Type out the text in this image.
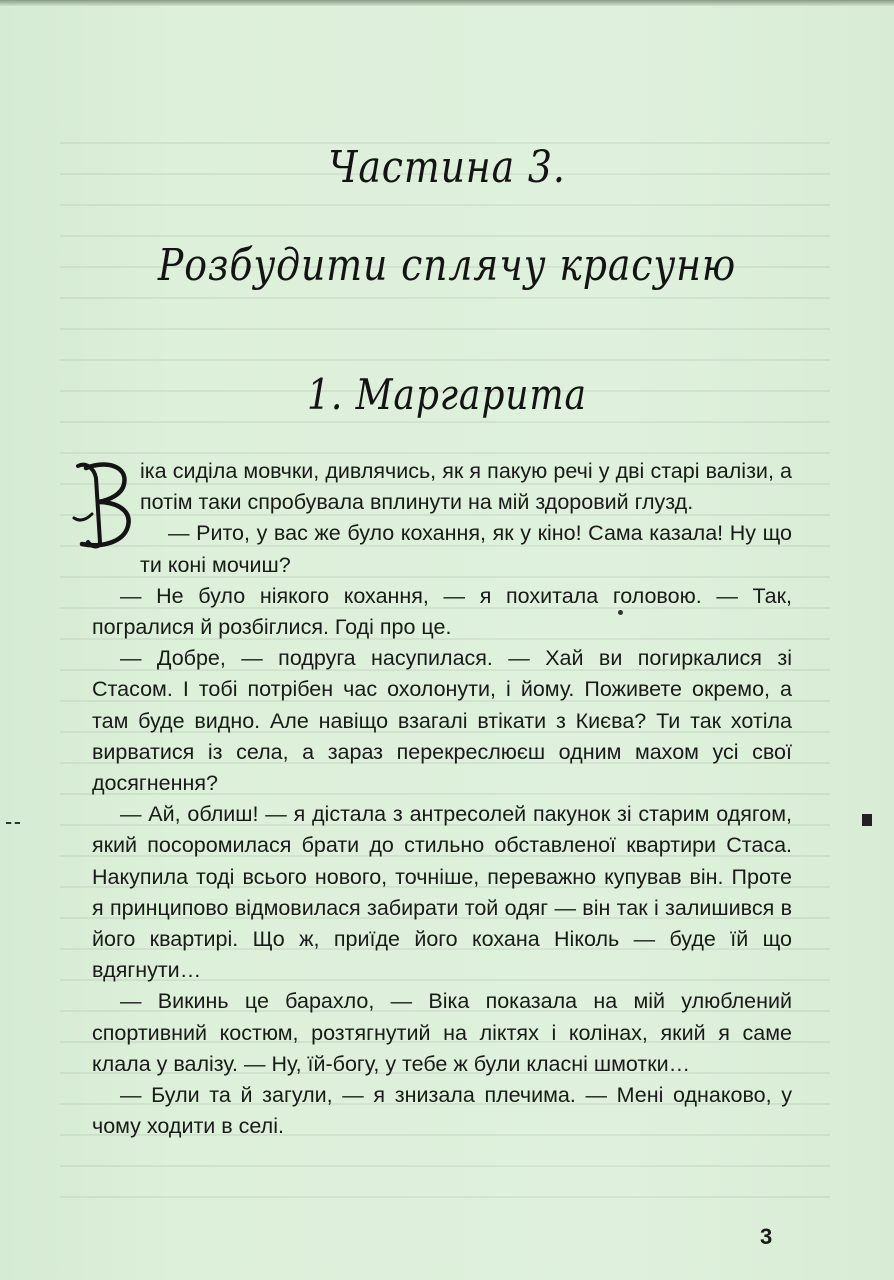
Частина 3.
Розбудити сплячу красуню
1. Маргарита

іка сиділа мовчки, дивлячись, як я пакую речі у дві старі валізи, а потім таки спробувала вплинути на мій здоровий глузд.

— Рито, у вас же було кохання, як у кіно! Сама казала! Ну що ти коні мочиш?

— Не було ніякого кохання, — я похитала головою. — Так, погралися й розбіглися. Годі про це.

— Добре, — подруга насупилася. — Хай ви погиркалися зі Стасом. І тобі потрібен час охолонути, і йому. Поживете окремо, а там буде видно. Але навіщо взагалі втікати з Києва? Ти так хотіла вирватися із села, а зараз перекреслюєш одним махом усі свої досягнення?

— Ай, облиш! — я дістала з антресолей пакунок зі старим одягом, який посоромилася брати до стильно обставленої квартири Стаса. Накупила тоді всього нового, точніше, переважно купував він. Проте я принципово відмовилася забирати той одяг — він так і залишився в його квартирі. Що ж, приїде його кохана Ніколь — буде їй що вдягнути…

— Викинь це барахло, — Віка показала на мій улюблений спортивний костюм, розтягнутий на ліктях і колінах, який я саме клала у валізу. — Ну, їй-богу, у тебе ж були класні шмотки…

— Були та й загули, — я знизала плечима. — Мені однаково, у чому ходити в селі.

3
